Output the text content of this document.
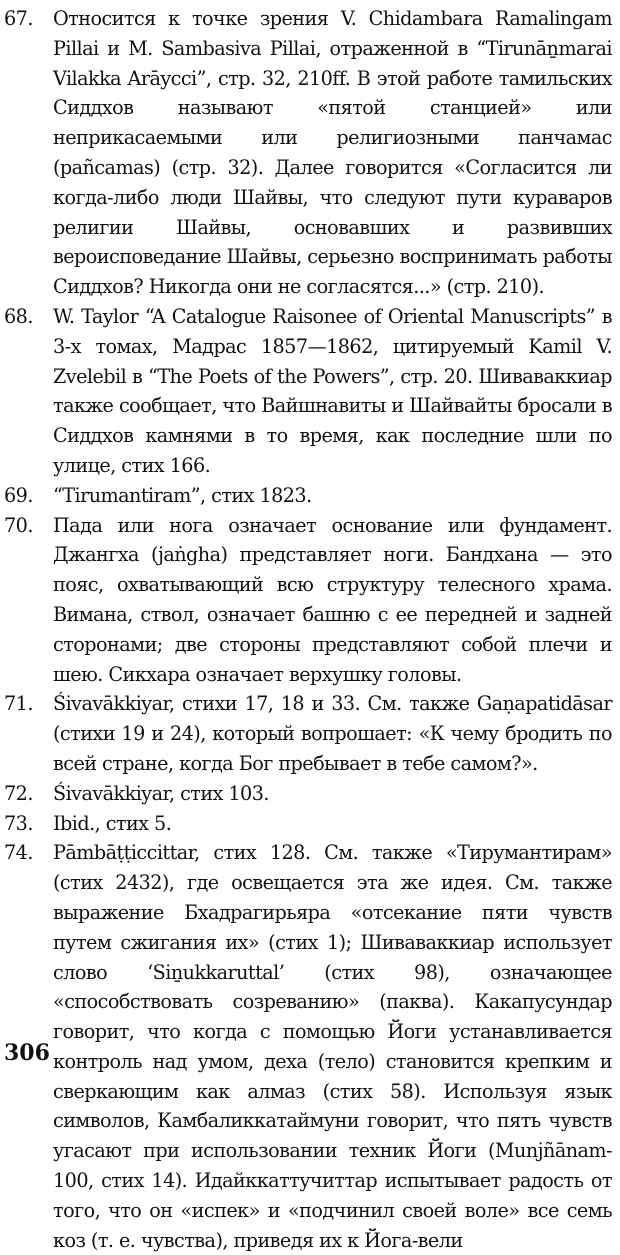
67. Относится к точке зрения V. Chidambara Ramalingam Pillai и M. Sambasiva Pillai, отраженной в “Tirunāṉmarai Vilakka Arāyccі”, стр. 32, 210ff. В этой работе тамильских Сиддхов называют «пятой станцией» или неприкасаемыми или религиозными панчамас (pañcamas) (стр. 32). Далее говорится «Согласится ли когда-либо люди Шайвы, что следуют пути куравaров религии Шайвы, основавших и развивших вероисповедание Шайвы, серьезно воспринимать работы Сиддхов? Никогда они не согласятся...» (стр. 210).
68. W. Taylor “A Catalogue Raisonee of Oriental Manuscripts” в 3-х томах, Мадрас 1857—1862, цитируемый Kamil V. Zvelebil в “The Poets of the Powers”, стр. 20. Шивавaккиар также сообщает, что Вайшнавиты и Шайвайты бросали в Сиддхов камнями в то время, как последние шли по улице, стих 166.
69. “Tirumantiram”, стих 1823.
70. Пада или нога означает основание или фундамент. Джангха (jaṅgha) представляет ноги. Бандхана — это пояс, охватывающий всю структуру телесного храма. Вимана, ствол, означает башню с ее передней и задней сторонами; две стороны представляют собой плечи и шею. Сикхара означает верхушку головы.
71. Śivavākkiyar, стихи 17, 18 и 33. См. также Gaṇapatidāsar (стихи 19 и 24), который вопрошает: «К чему бродить по всей стране, когда Бог пребывает в тебе самом?».
72. Śivavākkiyar, стих 103.
73. Ibid., стих 5.
74. Pāmbāṭṭiccittar, стих 128. См. также «Тирумантирам» (стих 2432), где освещается эта же идея. См. также выражение Бхадрагирьяра «отсекание пяти чувств путем сжигания их» (стих 1); Шивавaккиар использует слово ‘Siṉukkaruttal’ (стих 98), означающее «способствовать созреванию» (паква). Какапусундар говорит, что когда с помощью Йоги устанавливается контроль над умом, деха (тело) становится крепким и сверкающим как алмаз (стих 58). Используя язык символов, Камбаликкатаймуни говорит, что пять чувств угасают при использовании техник Йоги (Munjñānam-100, стих 14). Идайккаттучиттар испытывает радость от того, что он «испек» и «подчинил своей воле» все семь коз (т. е. чувства), приведя их к Йога-вели
306
